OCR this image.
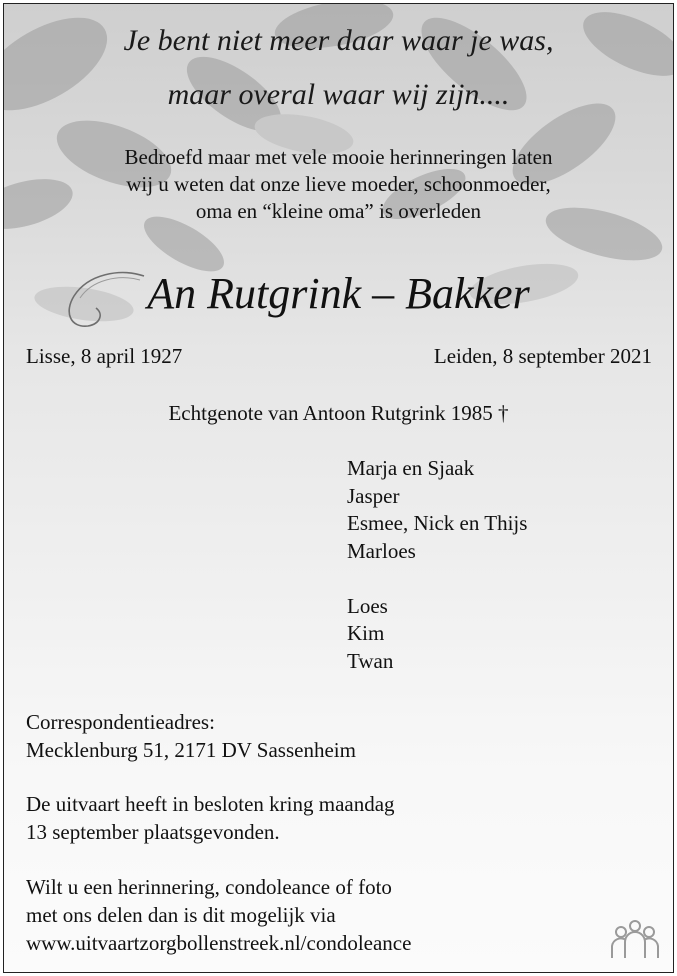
Je bent niet meer daar waar je was,
maar overal waar wij zijn....
Bedroefd maar met vele mooie herinneringen laten
wij u weten dat onze lieve moeder, schoonmoeder,
oma en “kleine oma” is overleden
An Rutgrink – Bakker
Lisse, 8 april 1927	Leiden, 8 september 2021
Echtgenote van Antoon Rutgrink 1985 †
Marja en Sjaak
Jasper
Esmee, Nick en Thijs
Marloes
Loes
Kim
Twan
Correspondentieadres:
Mecklenburg 51, 2171 DV Sassenheim
De uitvaart heeft in besloten kring maandag
13 september plaatsgevonden.
Wilt u een herinnering, condoleance of foto
met ons delen dan is dit mogelijk via
www.uitvaartzorgbollenstreek.nl/condoleance
